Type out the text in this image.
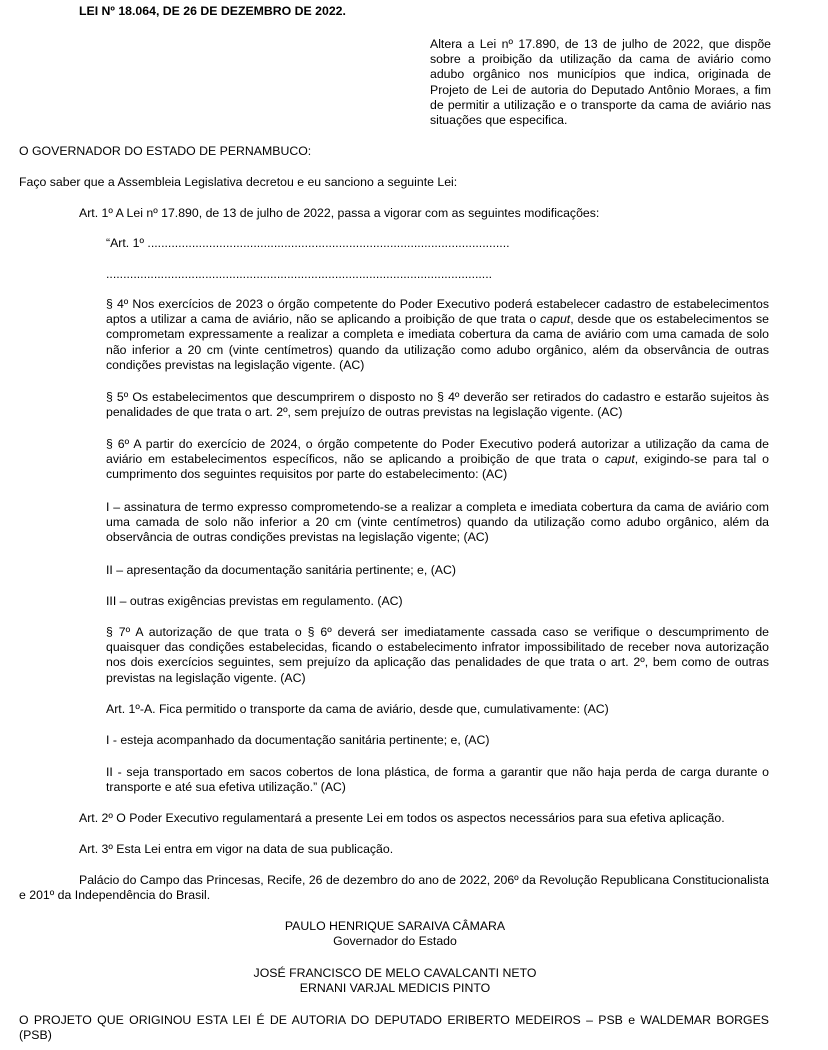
LEI Nº 18.064, DE 26 DE DEZEMBRO DE 2022.

Altera a Lei nº 17.890, de 13 de julho de 2022, que dispõe sobre a proibição da utilização da cama de aviário como adubo orgânico nos municípios que indica, originada de Projeto de Lei de autoria do Deputado Antônio Moraes, a fim de permitir a utilização e o transporte da cama de aviário nas situações que especifica.

O GOVERNADOR DO ESTADO DE PERNAMBUCO:

Faço saber que a Assembleia Legislativa decretou e eu sanciono a seguinte Lei:

Art. 1º A Lei nº 17.890, de 13 de julho de 2022, passa a vigorar com as seguintes modificações:

“Art. 1º ..........................................................................................................

.................................................................................................................

§ 4º Nos exercícios de 2023 o órgão competente do Poder Executivo poderá estabelecer cadastro de estabelecimentos aptos a utilizar a cama de aviário, não se aplicando a proibição de que trata o caput, desde que os estabelecimentos se comprometam expressamente a realizar a completa e imediata cobertura da cama de aviário com uma camada de solo não inferior a 20 cm (vinte centímetros) quando da utilização como adubo orgânico, além da observância de outras condições previstas na legislação vigente. (AC)

§ 5º Os estabelecimentos que descumprirem o disposto no § 4º deverão ser retirados do cadastro e estarão sujeitos às penalidades de que trata o art. 2º, sem prejuízo de outras previstas na legislação vigente. (AC)

§ 6º A partir do exercício de 2024, o órgão competente do Poder Executivo poderá autorizar a utilização da cama de aviário em estabelecimentos específicos, não se aplicando a proibição de que trata o caput, exigindo-se para tal o cumprimento dos seguintes requisitos por parte do estabelecimento: (AC)

I – assinatura de termo expresso comprometendo-se a realizar a completa e imediata cobertura da cama de aviário com uma camada de solo não inferior a 20 cm (vinte centímetros) quando da utilização como adubo orgânico, além da observância de outras condições previstas na legislação vigente; (AC)

II – apresentação da documentação sanitária pertinente; e, (AC)

III – outras exigências previstas em regulamento. (AC)

§ 7º A autorização de que trata o § 6º deverá ser imediatamente cassada caso se verifique o descumprimento de quaisquer das condições estabelecidas, ficando o estabelecimento infrator impossibilitado de receber nova autorização nos dois exercícios seguintes, sem prejuízo da aplicação das penalidades de que trata o art. 2º, bem como de outras previstas na legislação vigente. (AC)

Art. 1º-A. Fica permitido o transporte da cama de aviário, desde que, cumulativamente: (AC)

I - esteja acompanhado da documentação sanitária pertinente; e, (AC)

II - seja transportado em sacos cobertos de lona plástica, de forma a garantir que não haja perda de carga durante o transporte e até sua efetiva utilização.” (AC)

Art. 2º O Poder Executivo regulamentará a presente Lei em todos os aspectos necessários para sua efetiva aplicação.

Art. 3º Esta Lei entra em vigor na data de sua publicação.

Palácio do Campo das Princesas, Recife, 26 de dezembro do ano de 2022, 206º da Revolução Republicana Constitucionalista e 201º da Independência do Brasil.

PAULO HENRIQUE SARAIVA CÂMARA
Governador do Estado
JOSÉ FRANCISCO DE MELO CAVALCANTI NETO
ERNANI VARJAL MEDICIS PINTO

O PROJETO QUE ORIGINOU ESTA LEI É DE AUTORIA DO DEPUTADO ERIBERTO MEDEIROS – PSB e WALDEMAR BORGES (PSB)
